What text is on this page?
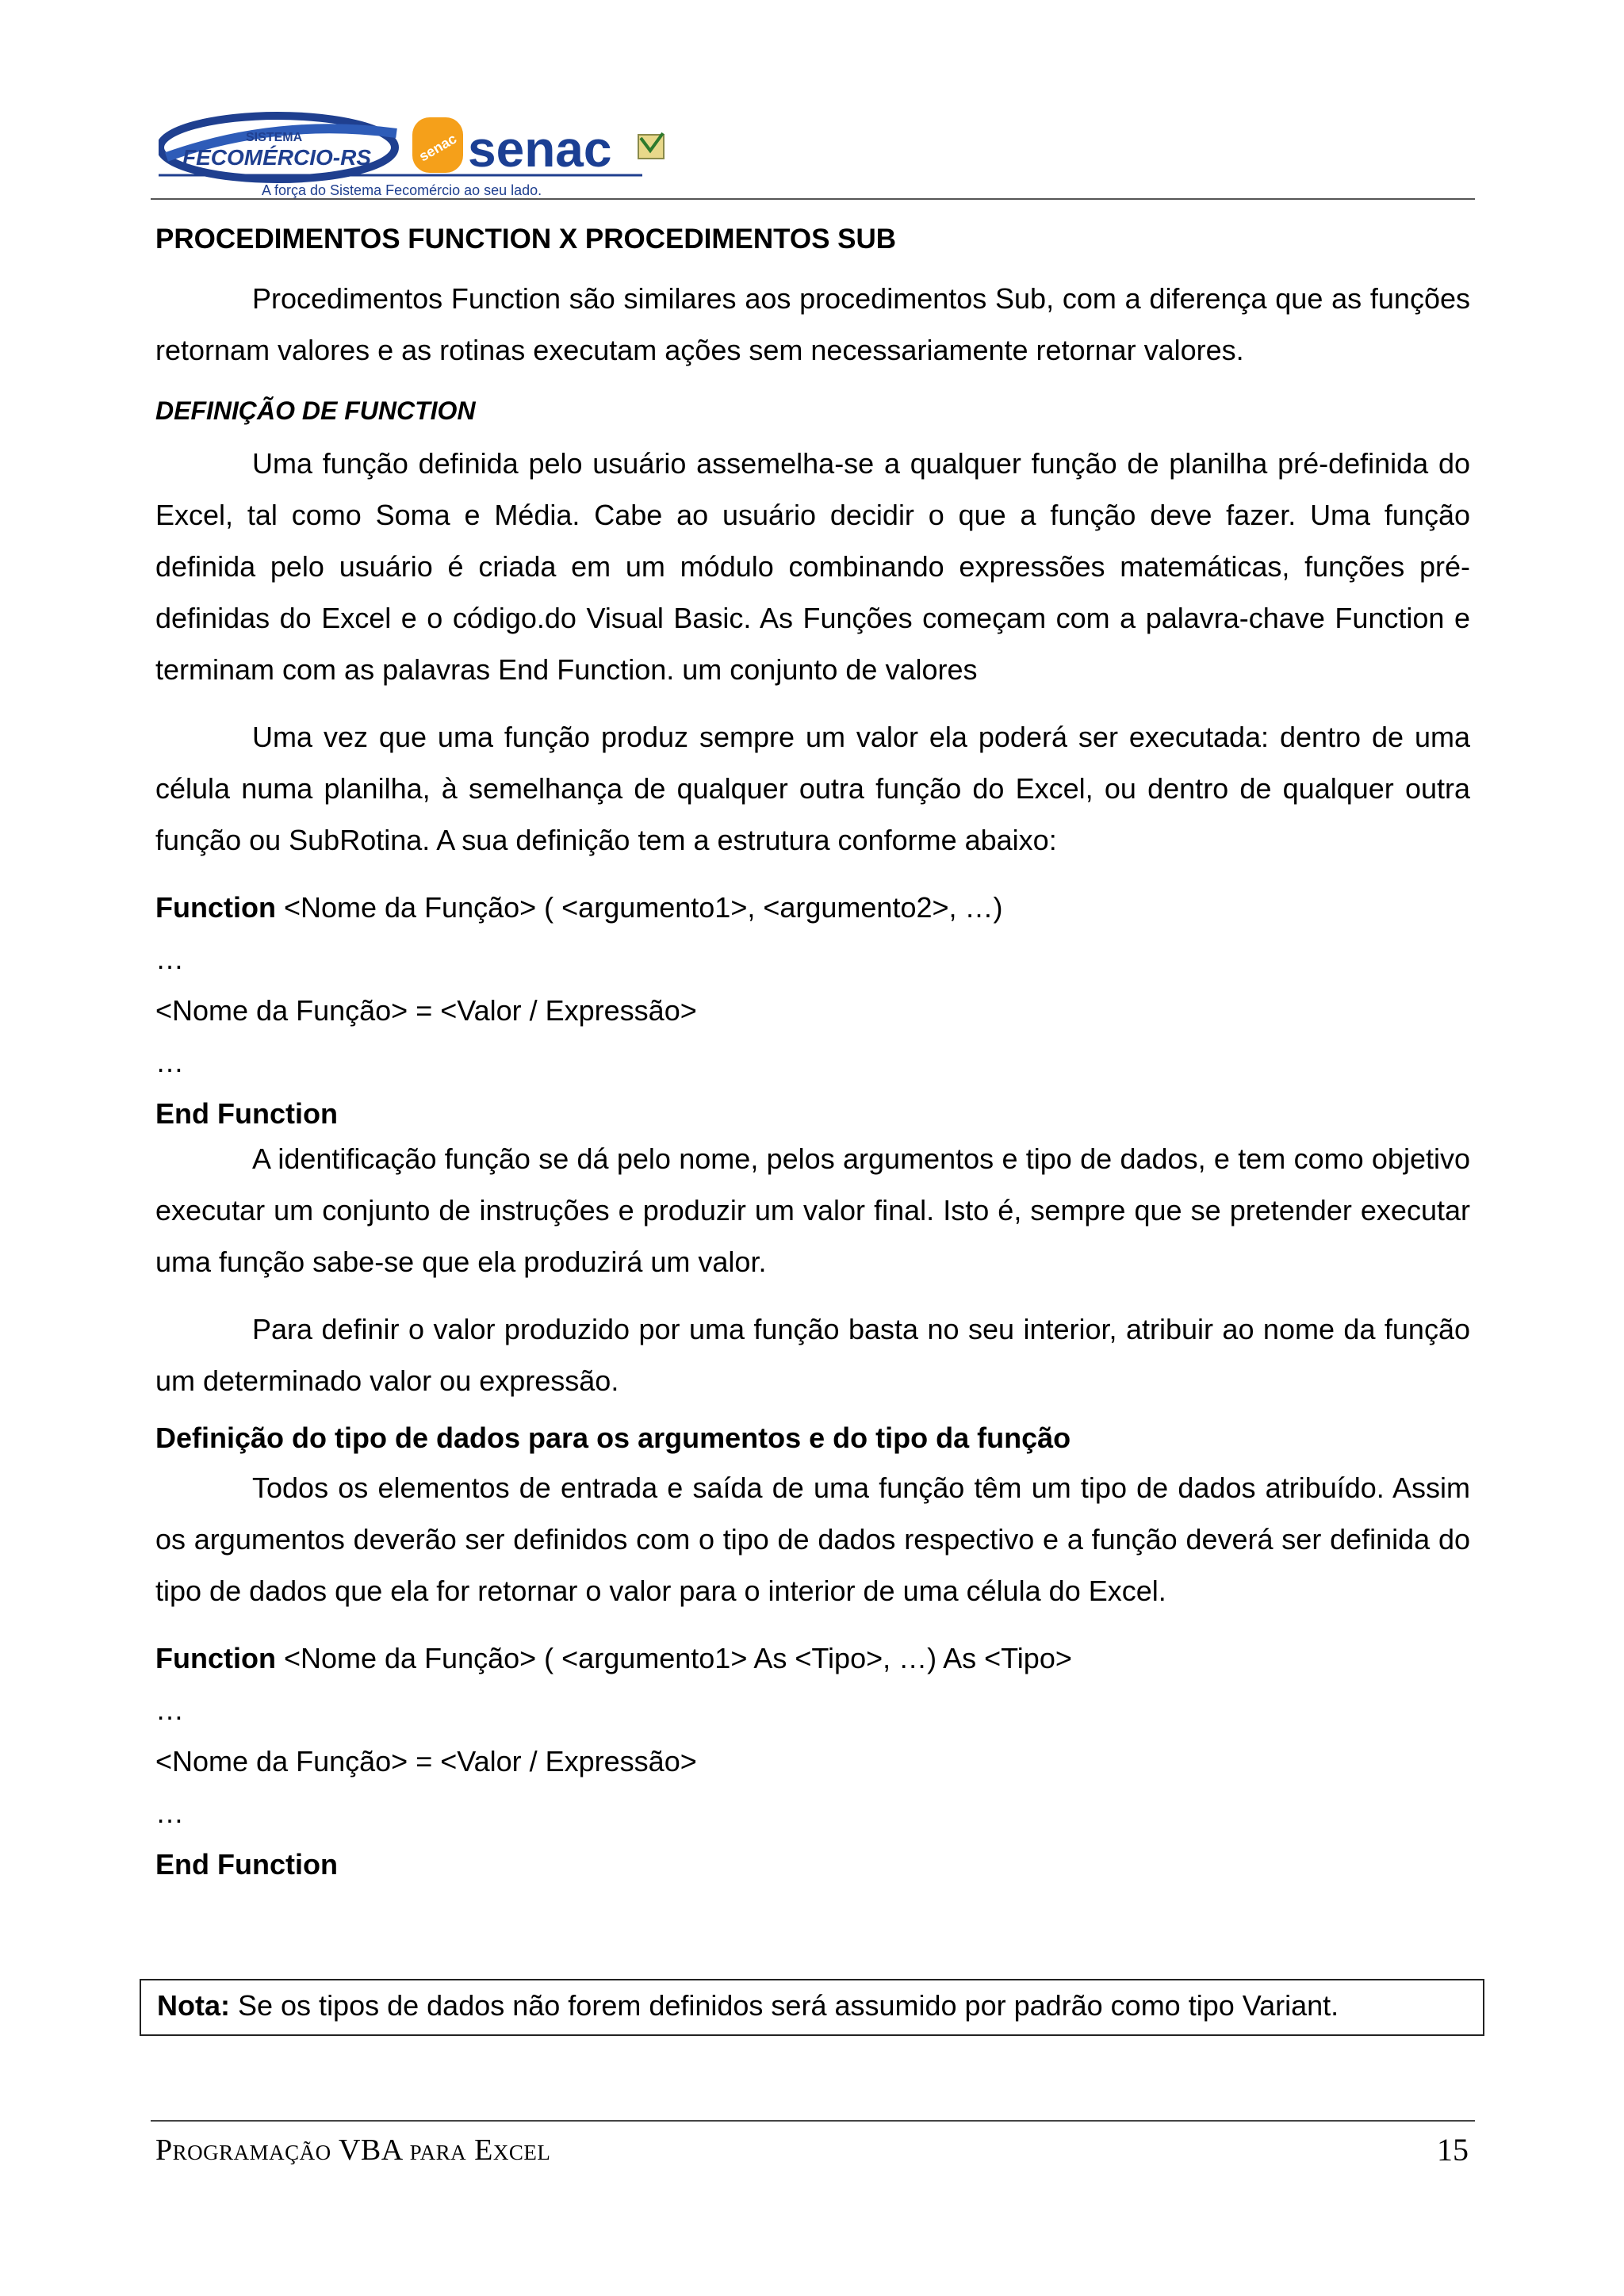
SISTEMA
FECOMÉRCIO-RS
A força do Sistema Fecomércio ao seu lado.
senac senac
PROCEDIMENTOS FUNCTION X PROCEDIMENTOS SUB

Procedimentos Function são similares aos procedimentos Sub, com a diferença que as funções retornam valores e as rotinas executam ações sem necessariamente retornar valores.

DEFINIÇÃO DE FUNCTION

Uma função definida pelo usuário assemelha-se a qualquer função de planilha pré-definida do Excel, tal como Soma e Média. Cabe ao usuário decidir o que a função deve fazer. Uma função definida pelo usuário é criada em um módulo combinando expressões matemáticas, funções pré-definidas do Excel e o código.do Visual Basic. As Funções começam com a palavra-chave Function e terminam com as palavras End Function. um conjunto de valores

Uma vez que uma função produz sempre um valor ela poderá ser executada: dentro de uma célula numa planilha, à semelhança de qualquer outra função do Excel, ou dentro de qualquer outra função ou SubRotina. A sua definição tem a estrutura conforme abaixo:

Function <Nome da Função> ( <argumento1>, <argumento2>, …)
…
<Nome da Função> = <Valor / Expressão>
…
End Function

A identificação função se dá pelo nome, pelos argumentos e tipo de dados, e tem como objetivo executar um conjunto de instruções e produzir um valor final. Isto é, sempre que se pretender executar uma função sabe-se que ela produzirá um valor.

Para definir o valor produzido por uma função basta no seu interior, atribuir ao nome da função um determinado valor ou expressão.

Definição do tipo de dados para os argumentos e do tipo da função

Todos os elementos de entrada e saída de uma função têm um tipo de dados atribuído. Assim os argumentos deverão ser definidos com o tipo de dados respectivo e a função deverá ser definida do tipo de dados que ela for retornar o valor para o interior de uma célula do Excel.

Function <Nome da Função> ( <argumento1> As <Tipo>, …) As <Tipo>
…
<Nome da Função> = <Valor / Expressão>
…
End Function
Nota: Se os tipos de dados não forem definidos será assumido por padrão como tipo Variant.
Programação VBA para Excel	15
